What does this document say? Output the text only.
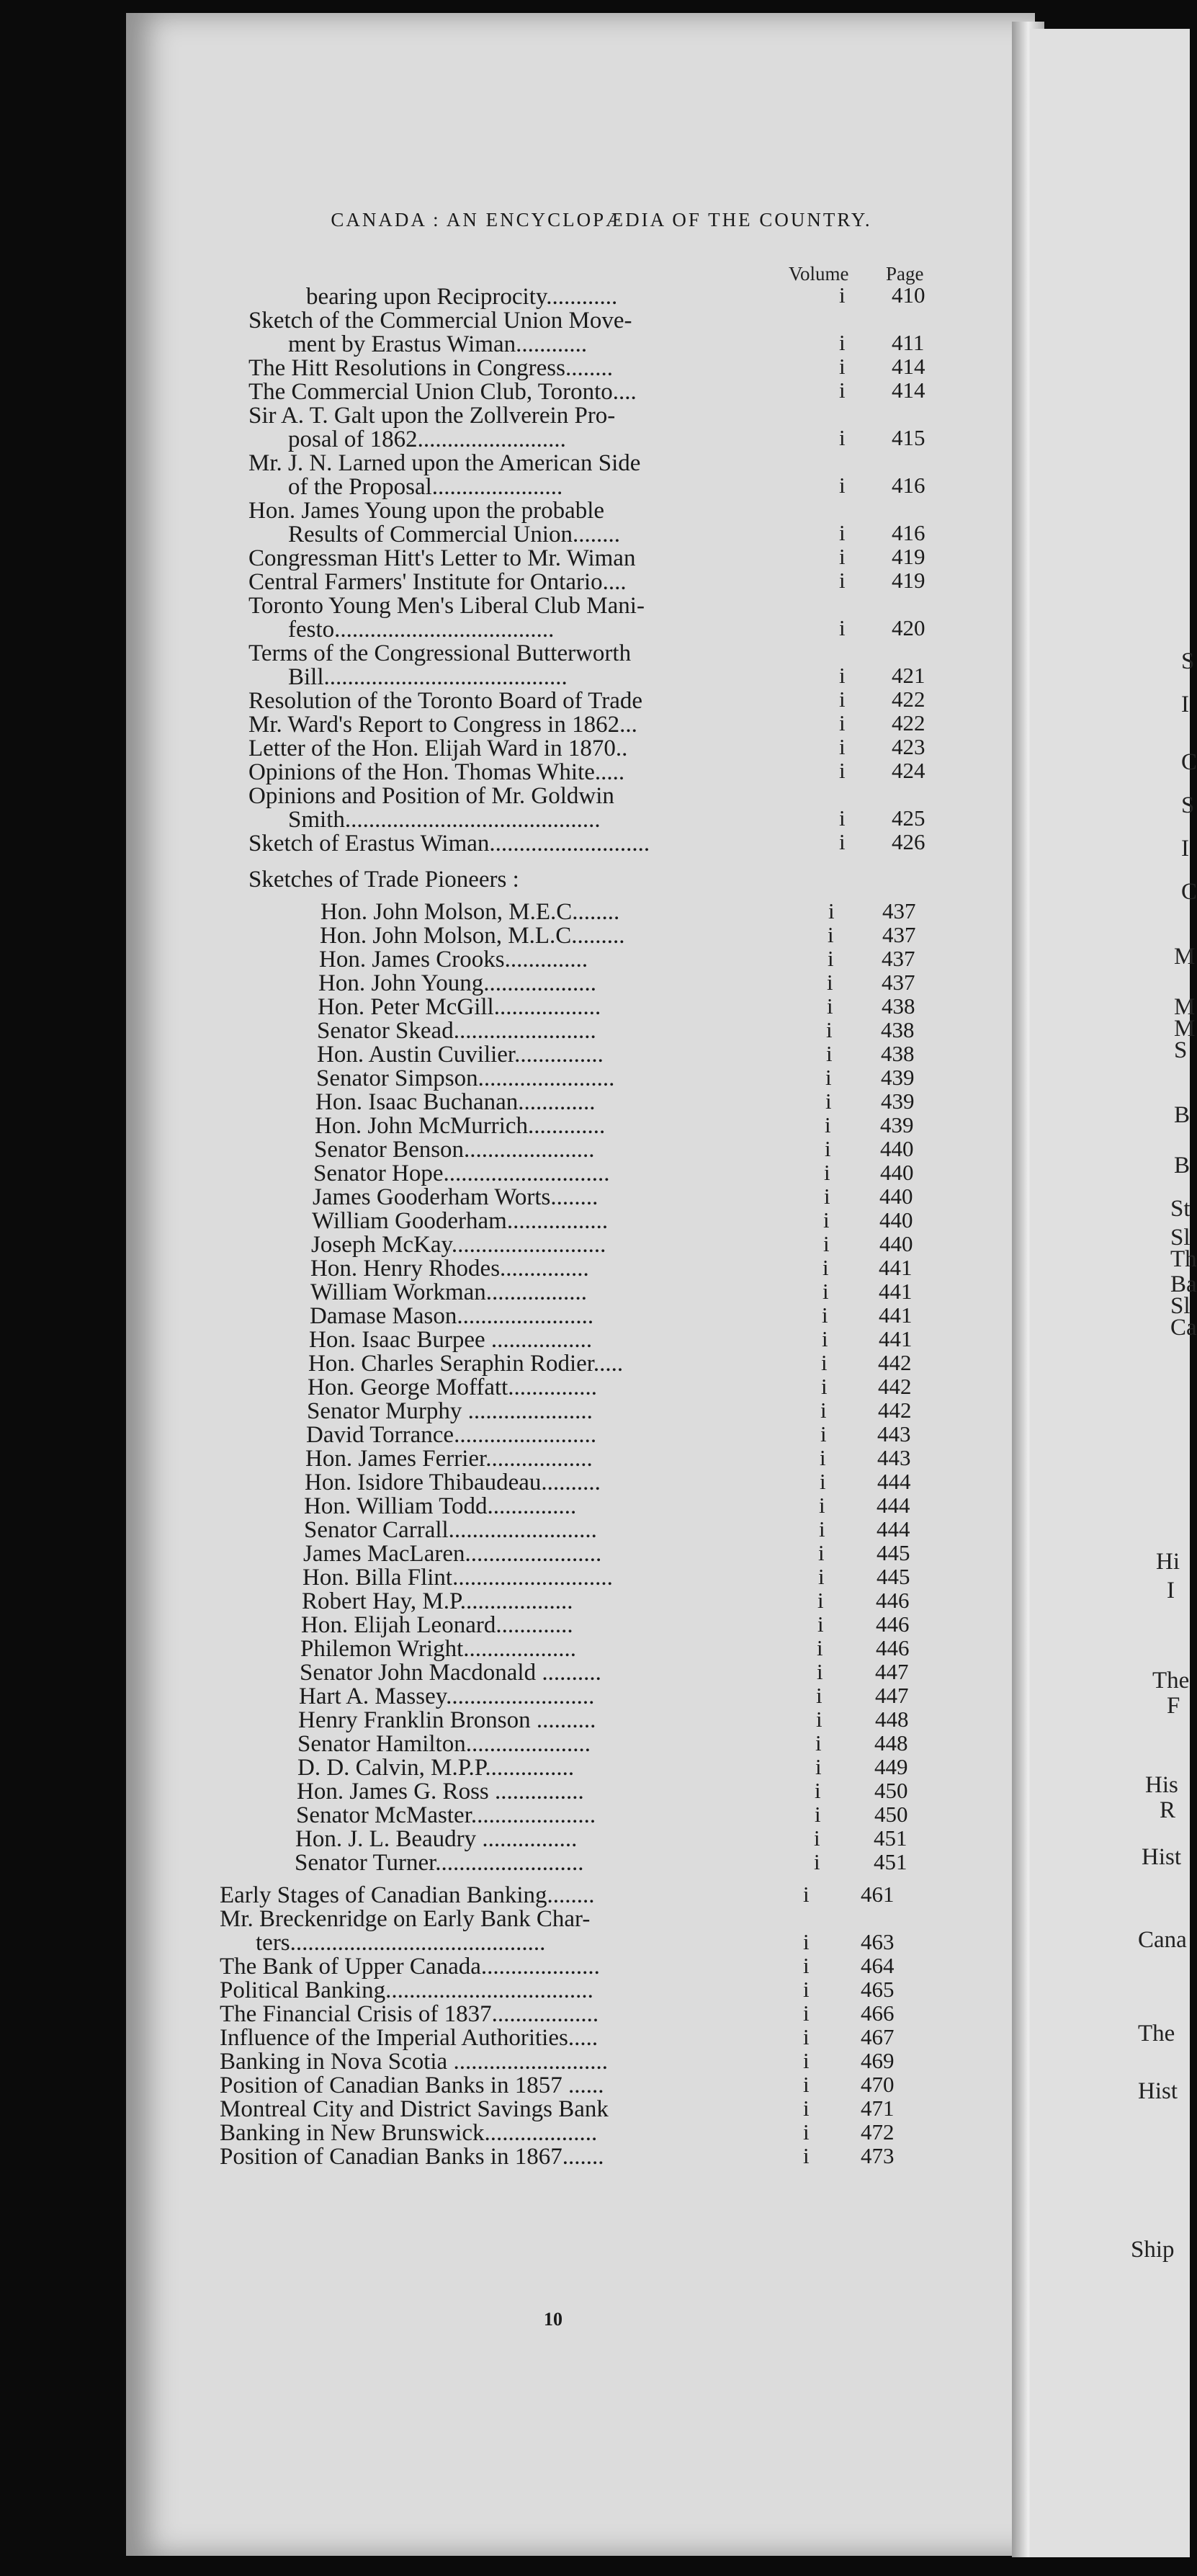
CANADA : AN ENCYCLOPÆDIA OF THE COUNTRY.
Volume Page
bearing upon Reciprocity............	i 410
Sketch of the Commercial Union Move-
ment by Erastus Wiman............	i 411
The Hitt Resolutions in Congress........	i 414
The Commercial Union Club, Toronto....	i 414
Sir A. T. Galt upon the Zollverein Pro-
posal of 1862.........................	i 415
Mr. J. N. Larned upon the American Side
of the Proposal......................	i 416
Hon. James Young upon the probable
Results of Commercial Union........	i 416
Congressman Hitt's Letter to Mr. Wiman	i 419
Central Farmers' Institute for Ontario....	i 419
Toronto Young Men's Liberal Club Mani-
festo.....................................	i 420
Terms of the Congressional Butterworth
Bill.........................................	i 421
Resolution of the Toronto Board of Trade	i 422
Mr. Ward's Report to Congress in 1862...	i 422
Letter of the Hon. Elijah Ward in 1870..	i 423
Opinions of the Hon. Thomas White.....	i 424
Opinions and Position of Mr. Goldwin
Smith...........................................	i 425
Sketch of Erastus Wiman...........................	i 426
Sketches of Trade Pioneers :
Hon. John Molson, M.E.C........	i 437
Hon. John Molson, M.L.C.........	i 437
Hon. James Crooks..............	i 437
Hon. John Young...................	i 437
Hon. Peter McGill..................	i 438
Senator Skead........................	i 438
Hon. Austin Cuvilier...............	i 438
Senator Simpson.......................	i 439
Hon. Isaac Buchanan.............	i 439
Hon. John McMurrich.............	i 439
Senator Benson......................	i 440
Senator Hope............................	i 440
James Gooderham Worts........	i 440
William Gooderham.................	i 440
Joseph McKay..........................	i 440
Hon. Henry Rhodes...............	i 441
William Workman.................	i 441
Damase Mason.......................	i 441
Hon. Isaac Burpee .................	i 441
Hon. Charles Seraphin Rodier.....	i 442
Hon. George Moffatt...............	i 442
Senator Murphy .....................	i 442
David Torrance........................	i 443
Hon. James Ferrier..................	i 443
Hon. Isidore Thibaudeau..........	i 444
Hon. William Todd...............	i 444
Senator Carrall.........................	i 444
James MacLaren.......................	i 445
Hon. Billa Flint...........................	i 445
Robert Hay, M.P...................	i 446
Hon. Elijah Leonard.............	i 446
Philemon Wright...................	i 446
Senator John Macdonald ..........	i 447
Hart A. Massey.........................	i 447
Henry Franklin Bronson ..........	i 448
Senator Hamilton.....................	i 448
D. D. Calvin, M.P.P...............	i 449
Hon. James G. Ross ...............	i 450
Senator McMaster.....................	i 450
Hon. J. L. Beaudry ................	i 451
Senator Turner.........................	i 451
Early Stages of Canadian Banking........	i 461
Mr. Breckenridge on Early Bank Char-
ters...........................................	i 463
The Bank of Upper Canada....................	i 464
Political Banking...................................	i 465
The Financial Crisis of 1837..................	i 466
Influence of the Imperial Authorities.....	i 467
Banking in Nova Scotia ..........................	i 469
Position of Canadian Banks in 1857 ......	i 470
Montreal City and District Savings Bank	i 471
Banking in New Brunswick...................	i 472
Position of Canadian Banks in 1867.......	i 473
10
S
I
C
S
I
C
M
M
M
S
B
B
St
Sl
Th
Ba
Sl
Ca
Hi
I
The
F
His
R
Hist
Cana
The
Hist
Ship
